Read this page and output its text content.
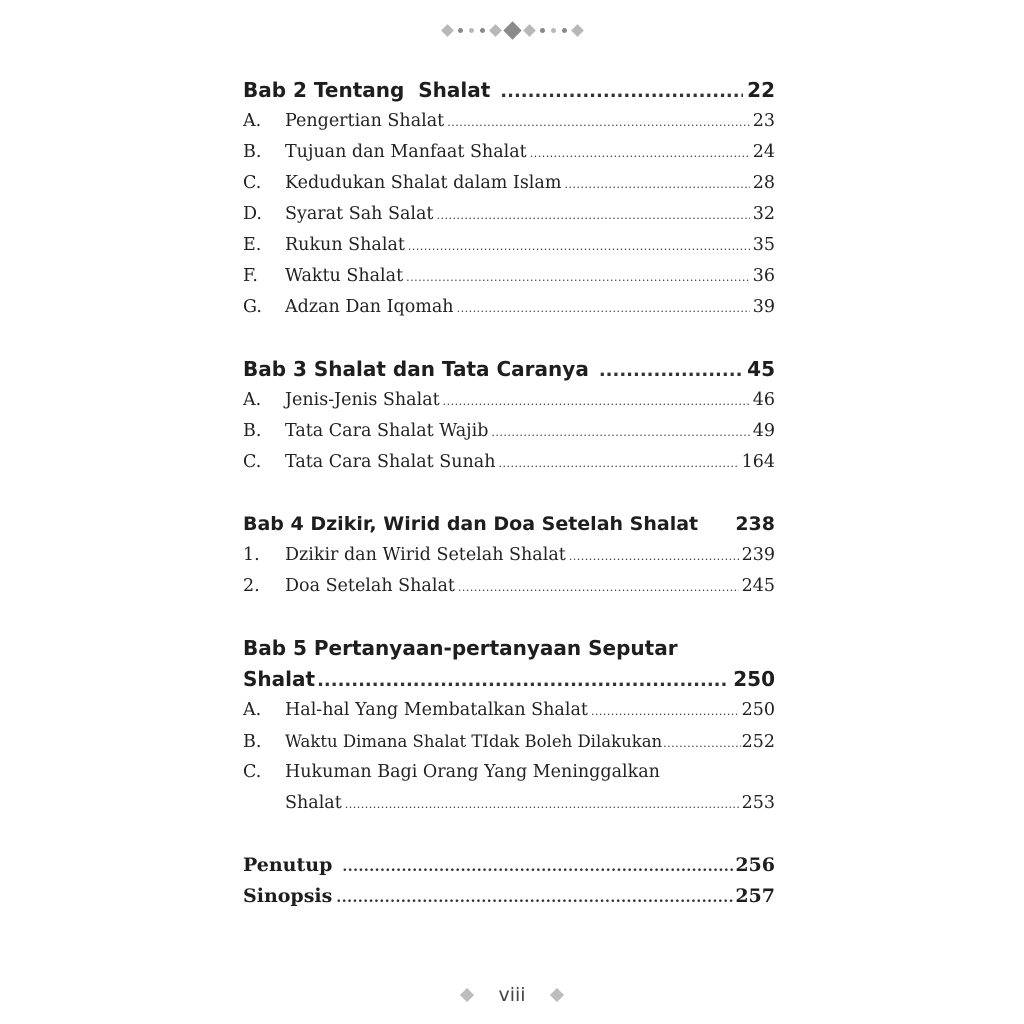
Bab 2 Tentang  Shalat .....	22
A.	Pengertian Shalat .....	23
B.	Tujuan dan Manfaat Shalat .....	24
C.	Kedudukan Shalat dalam Islam .....	28
D.	Syarat Sah Salat .....	32
E.	Rukun Shalat .....	35
F.	Waktu Shalat .....	36
G.	Adzan Dan Iqomah .....	39
Bab 3 Shalat dan Tata Caranya .....	45
A.	Jenis-Jenis Shalat .....	46
B.	Tata Cara Shalat Wajib .....	49
C.	Tata Cara Shalat Sunah .....	164
Bab 4 Dzikir, Wirid dan Doa Setelah Shalat 238
1.	Dzikir dan Wirid Setelah Shalat .....	239
2.	Doa Setelah Shalat .....	245
Bab 5 Pertanyaan-pertanyaan Seputar
Shalat .....	250
A.	Hal-hal Yang Membatalkan Shalat .....	250
B.	Waktu Dimana Shalat TIdak Boleh Dilakukan .....	252
C.	Hukuman Bagi Orang Yang Meninggalkan
Shalat .....	253
Penutup .....	256
Sinopsis .....	257
viii
